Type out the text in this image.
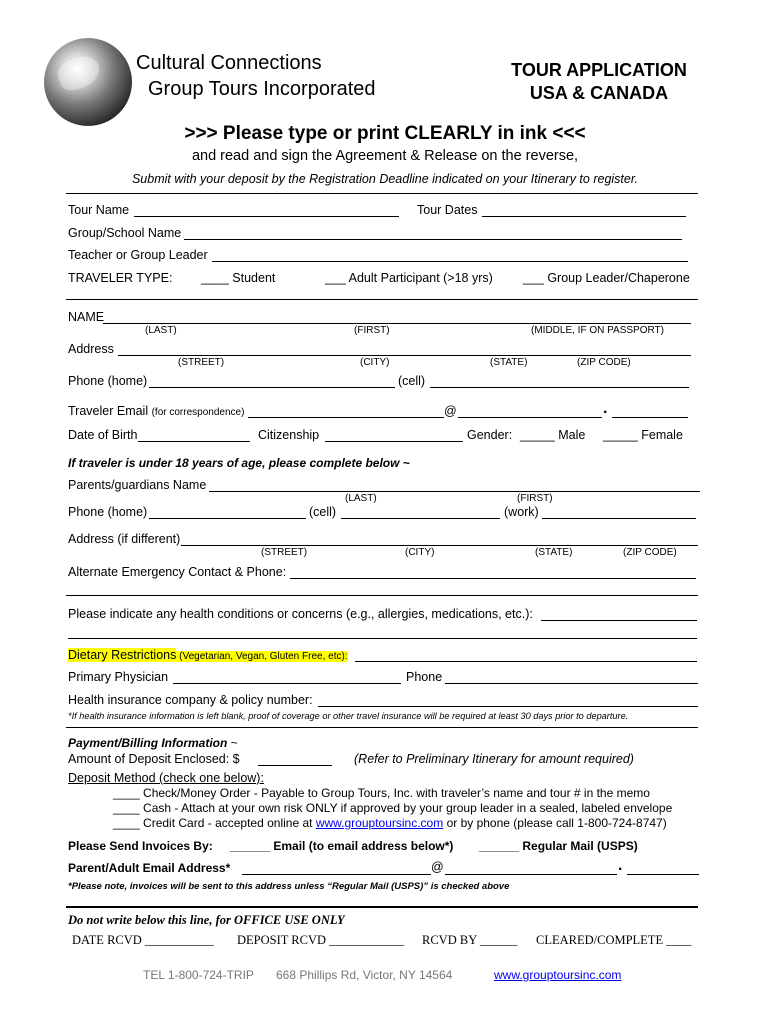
Cultural Connections
Group Tours Incorporated
TOUR APPLICATION
USA & CANADA
>>> Please type or print CLEARLY in ink <<<
and read and sign the Agreement & Release on the reverse,
Submit with your deposit by the Registration Deadline indicated on your Itinerary to register.
Tour Name	Tour Dates
Group/School Name
Teacher or Group Leader
TRAVELER TYPE: ____ Student	___ Adult Participant (>18 yrs) ___ Group Leader/Chaperone
NAME
(LAST)	(FIRST)	(MIDDLE, IF ON PASSPORT)
Address
(STREET)	(CITY)	(STATE)	(ZIP CODE)
Phone (home)	(cell)
Traveler Email (for correspondence)	@	.
Date of Birth	Citizenship	Gender: _____ Male _____ Female
If traveler is under 18 years of age, please complete below ~
Parents/guardians Name
(LAST)	(FIRST)
Phone (home)	(cell)	(work)
Address (if different)
(STREET)	(CITY)	(STATE)	(ZIP CODE)
Alternate Emergency Contact & Phone:
Please indicate any health conditions or concerns (e.g., allergies, medications, etc.):
Dietary Restrictions (Vegetarian, Vegan, Gluten Free, etc):
Primary Physician	Phone
Health insurance company & policy number:
*If health insurance information is left blank, proof of coverage or other travel insurance will be required at least 30 days prior to departure.
Payment/Billing Information ~
Amount of Deposit Enclosed: $	(Refer to Preliminary Itinerary for amount required)
Deposit Method (check one below):
____ Check/Money Order - Payable to Group Tours, Inc. with traveler’s name and tour # in the memo
____ Cash - Attach at your own risk ONLY if approved by your group leader in a sealed, labeled envelope
____ Credit Card - accepted online at www.grouptoursinc.com or by phone (please call 1-800-724-8747)
Please Send Invoices By: ______ Email (to email address below*) ______ Regular Mail (USPS)
Parent/Adult Email Address*	@	.
*Please note, invoices will be sent to this address unless “Regular Mail (USPS)” is checked above
Do not write below this line, for OFFICE USE ONLY
DATE RCVD ___________ DEPOSIT RCVD ____________ RCVD BY ______ CLEARED/COMPLETE ____
TEL 1-800-724-TRIP 668 Phillips Rd, Victor, NY 14564	www.grouptoursinc.com
